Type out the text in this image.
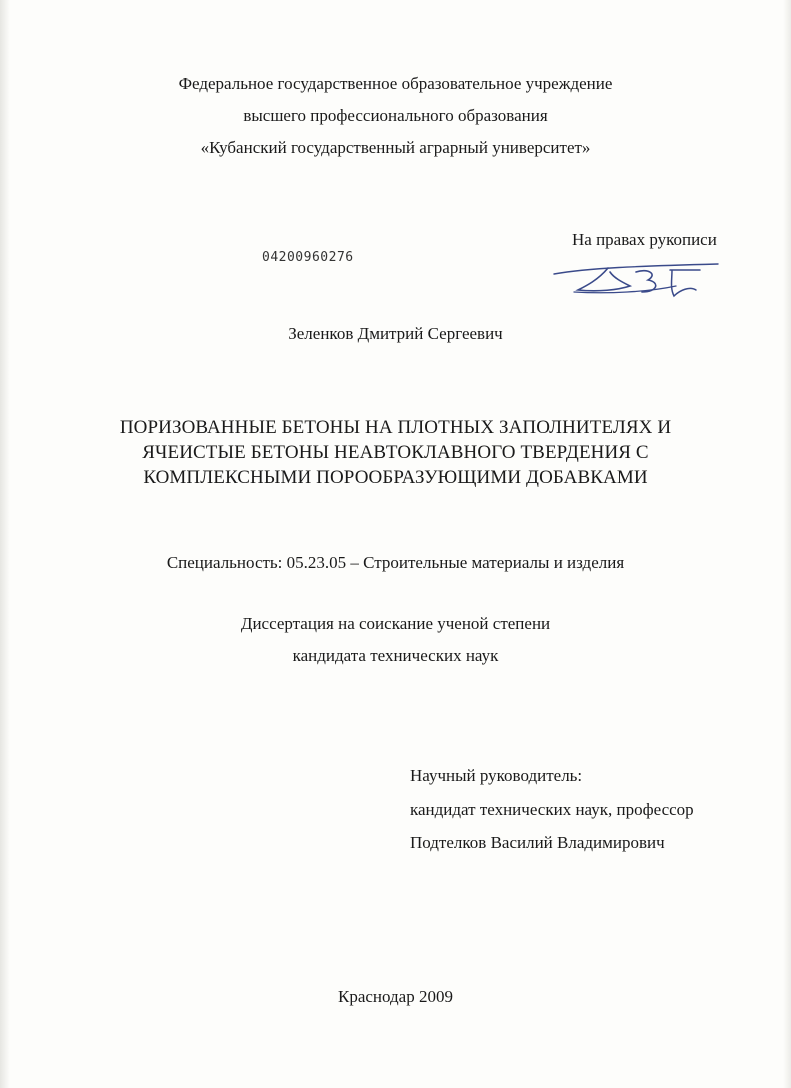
Федеральное государственное образовательное учреждение
высшего профессионального образования
«Кубанский государственный аграрный университет»
На правах рукописи
04200960276
Зеленков Дмитрий Сергеевич
ПОРИЗОВАННЫЕ БЕТОНЫ НА ПЛОТНЫХ ЗАПОЛНИТЕЛЯХ И
ЯЧЕИСТЫЕ БЕТОНЫ НЕАВТОКЛАВНОГО ТВЕРДЕНИЯ С
КОМПЛЕКСНЫМИ ПОРООБРАЗУЮЩИМИ ДОБАВКАМИ
Специальность: 05.23.05 – Строительные материалы и изделия
Диссертация на соискание ученой степени
кандидата технических наук
Научный руководитель:
кандидат технических наук, профессор
Подтелков Василий Владимирович
Краснодар 2009
